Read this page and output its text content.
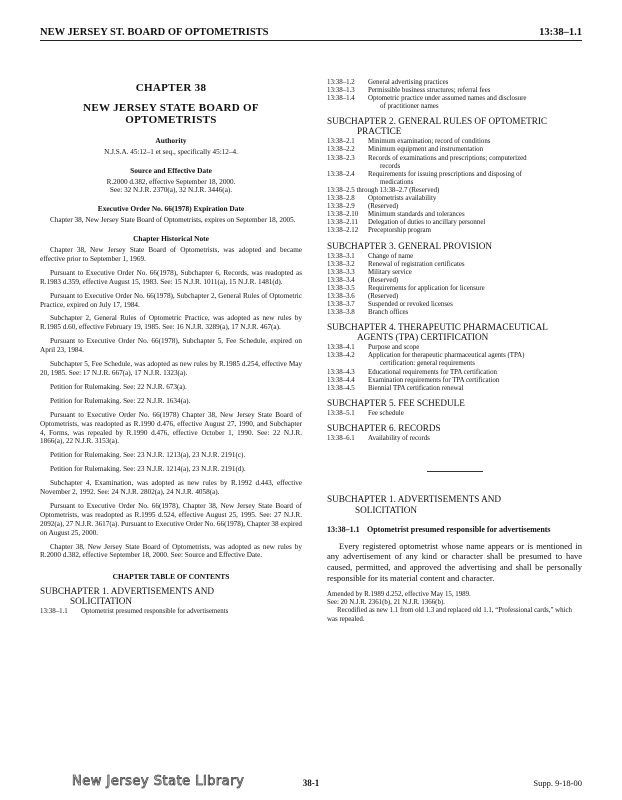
NEW JERSEY ST. BOARD OF OPTOMETRISTS	13:38–1.1
CHAPTER 38
NEW JERSEY STATE BOARD OF OPTOMETRISTS
Authority

N.J.S.A. 45:12–1 et seq., specifically 45:12–4.

Source and Effective Date

R.2000 d.382, effective September 18, 2000.

See: 32 N.J.R. 2370(a), 32 N.J.R. 3446(a).

Executive Order No. 66(1978) Expiration Date

Chapter 38, New Jersey State Board of Optometrists, expires on September 18, 2005.

Chapter Historical Note

Chapter 38, New Jersey State Board of Optometrists, was adopted and became effective prior to September 1, 1969.

Pursuant to Executive Order No. 66(1978), Subchapter 6, Records, was readopted as R.1983 d.359, effective August 15, 1983. See: 15 N.J.R. 1011(a), 15 N.J.R. 1481(d).

Pursuant to Executive Order No. 66(1978), Subchapter 2, General Rules of Optometric Practice, expired on July 17, 1984.

Subchapter 2, General Rules of Optometric Practice, was adopted as new rules by R.1985 d.60, effective February 19, 1985. See: 16 N.J.R. 3289(a), 17 N.J.R. 467(a).

Pursuant to Executive Order No. 66(1978), Subchapter 5, Fee Schedule, expired on April 23, 1984.

Subchapter 5, Fee Schedule, was adopted as new rules by R.1985 d.254, effective May 20, 1985. See: 17 N.J.R. 667(a), 17 N.J.R. 1323(a).

Petition for Rulemaking. See: 22 N.J.R. 673(a).

Petition for Rulemaking. See: 22 N.J.R. 1634(a).

Pursuant to Executive Order No. 66(1978) Chapter 38, New Jersey State Board of Optometrists, was readopted as R.1990 d.476, effective August 27, 1990, and Subchapter 4, Forms, was repealed by R.1990 d.476, effective October 1, 1990. See: 22 N.J.R. 1866(a), 22 N.J.R. 3153(a).

Petition for Rulemaking. See: 23 N.J.R. 1213(a), 23 N.J.R. 2191(c).

Petition for Rulemaking. See: 23 N.J.R. 1214(a), 23 N.J.R. 2191(d).

Subchapter 4, Examination, was adopted as new rules by R.1992 d.443, effective November 2, 1992. See: 24 N.J.R. 2802(a), 24 N.J.R. 4058(a).

Pursuant to Executive Order No. 66(1978), Chapter 38, New Jersey State Board of Optometrists, was readopted as R.1995 d.524, effective August 25, 1995. See: 27 N.J.R. 2092(a), 27 N.J.R. 3617(a). Pursuant to Executive Order No. 66(1978), Chapter 38 expired on August 25, 2000.

Chapter 38, New Jersey State Board of Optometrists, was adopted as new rules by R.2000 d.382, effective September 18, 2000. See: Source and Effective Date.

CHAPTER TABLE OF CONTENTS
SUBCHAPTER 1. ADVERTISEMENTS AND
SOLICITATION
13:38–1.1	Optometrist presumed responsible for advertisements
13:38–1.2	General advertising practices
13:38–1.3	Permissible business structures; referral fees
13:38–1.4	Optometric practice under assumed names and disclosure
of practitioner names
SUBCHAPTER 2. GENERAL RULES OF OPTOMETRIC
PRACTICE
13:38–2.1	Minimum examination; record of conditions
13:38–2.2	Minimum equipment and instrumentation
13:38–2.3	Records of examinations and prescriptions; computerized
records
13:38–2.4	Requirements for issuing prescriptions and disposing of
medications
13:38–2.5 through 13:38–2.7 (Reserved)
13:38–2.8	Optometrists availability
13:38–2.9	(Reserved)
13:38–2.10	Minimum standards and tolerances
13:38–2.11	Delegation of duties to ancillary personnel
13:38–2.12	Preceptorship program
SUBCHAPTER 3. GENERAL PROVISION
13:38–3.1	Change of name
13:38–3.2	Renewal of registration certificates
13:38–3.3	Military service
13:38–3.4	(Reserved)
13:38–3.5	Requirements for application for licensure
13:38–3.6	(Reserved)
13:38–3.7	Suspended or revoked licenses
13:38–3.8	Branch offices
SUBCHAPTER 4. THERAPEUTIC PHARMACEUTICAL
AGENTS (TPA) CERTIFICATION
13:38–4.1	Purpose and scope
13:38–4.2	Application for therapeutic pharmaceutical agents (TPA)
certification: general requirements
13:38–4.3	Educational requirements for TPA certification
13:38–4.4	Examination requirements for TPA certification
13:38–4.5	Biennial TPA certification renewal
SUBCHAPTER 5. FEE SCHEDULE
13:38–5.1	Fee schedule
SUBCHAPTER 6. RECORDS
13:38–6.1	Availability of records
SUBCHAPTER 1. ADVERTISEMENTS AND
SOLICITATION
13:38–1.1 Optometrist presumed responsible for advertisements

Every registered optometrist whose name appears or is mentioned in any advertisement of any kind or character shall be presumed to have caused, permitted, and approved the advertising and shall be personally responsible for its material content and character.

Amended by R.1989 d.252, effective May 15, 1989.
See: 20 N.J.R. 2361(b), 21 N.J.R. 1366(b).
Recodified as new 1.1 from old 1.3 and replaced old 1.1, “Professional cards,” which was repealed.
New Jersey State Library	38-1	Supp. 9-18-00
